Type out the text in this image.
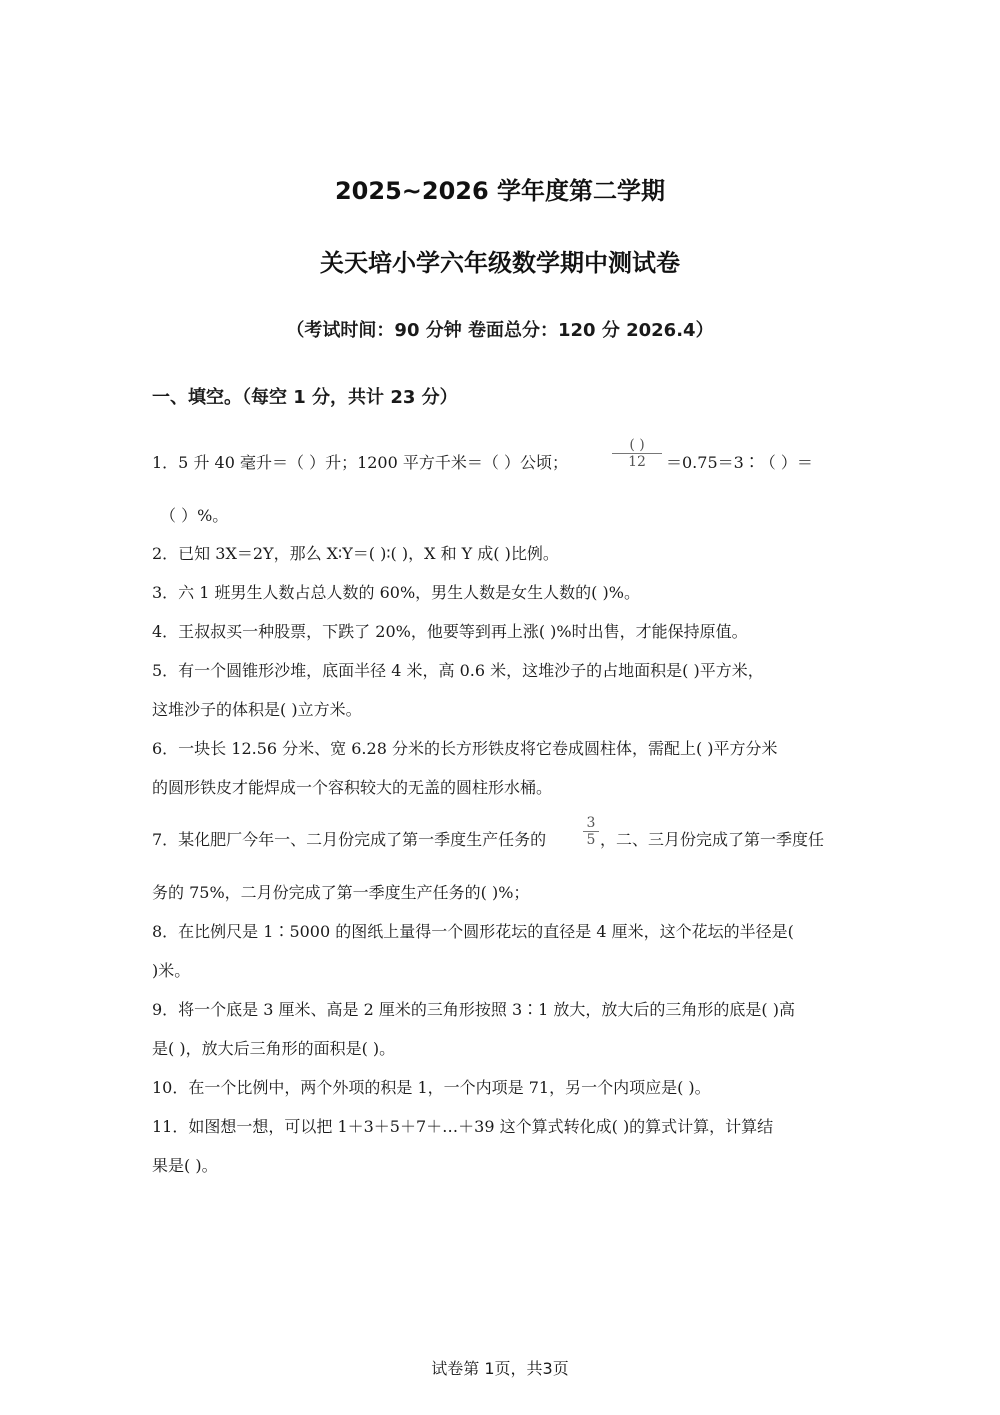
2025~2026 学年度第二学期
关天培小学六年级数学期中测试卷
（考试时间：90 分钟 卷面总分：120 分 2026.4）
一、填空。（每空 1 分，共计 23 分）
1．5 升 40 毫升＝（ ）升；1200 平方千米＝（ ）公顷；
( )
12	＝0.75＝3∶（ ）＝
（ ）%。
2．已知 3X＝2Y，那么 X∶Y＝( )∶( )，X 和 Y 成( )比例。
3．六 1 班男生人数占总人数的 60%，男生人数是女生人数的( )%。
4．王叔叔买一种股票，下跌了 20%，他要等到再上涨( )%时出售，才能保持原值。
5．有一个圆锥形沙堆，底面半径 4 米，高 0.6 米，这堆沙子的占地面积是( )平方米，
这堆沙子的体积是( )立方米。
6．一块长 12.56 分米、宽 6.28 分米的长方形铁皮将它卷成圆柱体，需配上( )平方分米
的圆形铁皮才能焊成一个容积较大的无盖的圆柱形水桶。
7．某化肥厂今年一、二月份完成了第一季度生产任务的	$\frac{3}{5}$ ，二、三月份完成了第一季度任
务的 75%，二月份完成了第一季度生产任务的( )%；
8．在比例尺是 1∶5000 的图纸上量得一个圆形花坛的直径是 4 厘米，这个花坛的半径是(
)米。
9．将一个底是 3 厘米、高是 2 厘米的三角形按照 3∶1 放大，放大后的三角形的底是( )高
是( )，放大后三角形的面积是( )。
10．在一个比例中，两个外项的积是 1，一个内项是 71，另一个内项应是( )。
11．如图想一想，可以把 1＋3＋5＋7＋…＋39 这个算式转化成( )的算式计算，计算结
果是( )。
试卷第 1页，共3页
